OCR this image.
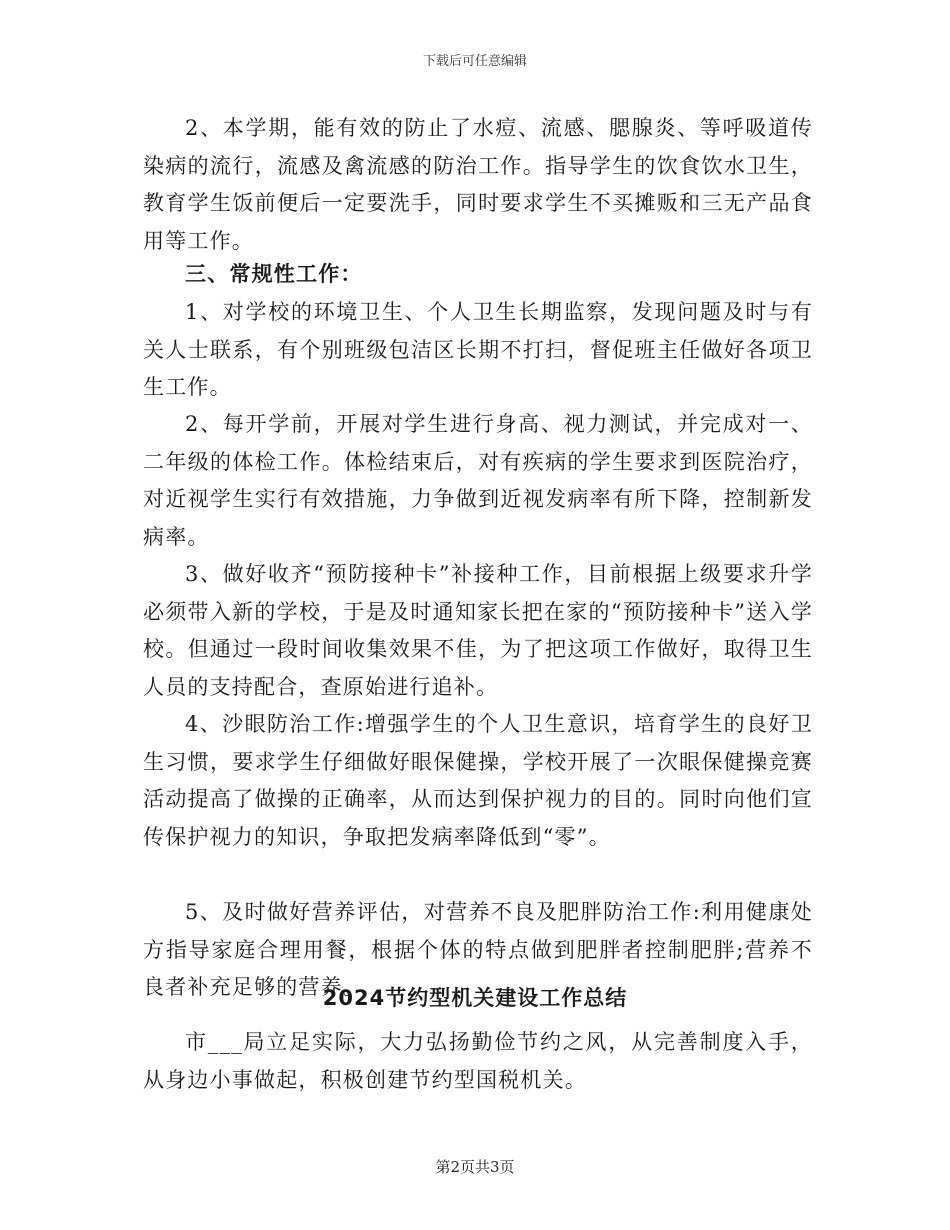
下载后可任意编辑
2、本学期，能有效的防止了水痘、流感、腮腺炎、等呼吸道传染病的流行，流感及禽流感的防治工作。指导学生的饮食饮水卫生，教育学生饭前便后一定要洗手，同时要求学生不买摊贩和三无产品食用等工作。
三、常规性工作：
1、对学校的环境卫生、个人卫生长期监察，发现问题及时与有关人士联系，有个别班级包洁区长期不打扫，督促班主任做好各项卫生工作。
2、每开学前，开展对学生进行身高、视力测试，并完成对一、二年级的体检工作。体检结束后，对有疾病的学生要求到医院治疗，对近视学生实行有效措施，力争做到近视发病率有所下降，控制新发病率。
3、做好收齐“预防接种卡”补接种工作，目前根据上级要求升学必须带入新的学校，于是及时通知家长把在家的“预防接种卡”送入学校。但通过一段时间收集效果不佳，为了把这项工作做好，取得卫生人员的支持配合，查原始进行追补。
4、沙眼防治工作:增强学生的个人卫生意识，培育学生的良好卫生习惯，要求学生仔细做好眼保健操，学校开展了一次眼保健操竞赛活动提高了做操的正确率，从而达到保护视力的目的。同时向他们宣传保护视力的知识，争取把发病率降低到“零”。
5、及时做好营养评估，对营养不良及肥胖防治工作:利用健康处方指导家庭合理用餐，根据个体的特点做到肥胖者控制肥胖;营养不良者补充足够的营养。
2024节约型机关建设工作总结
市___局立足实际，大力弘扬勤俭节约之风，从完善制度入手，从身边小事做起，积极创建节约型国税机关。
第2页共3页
